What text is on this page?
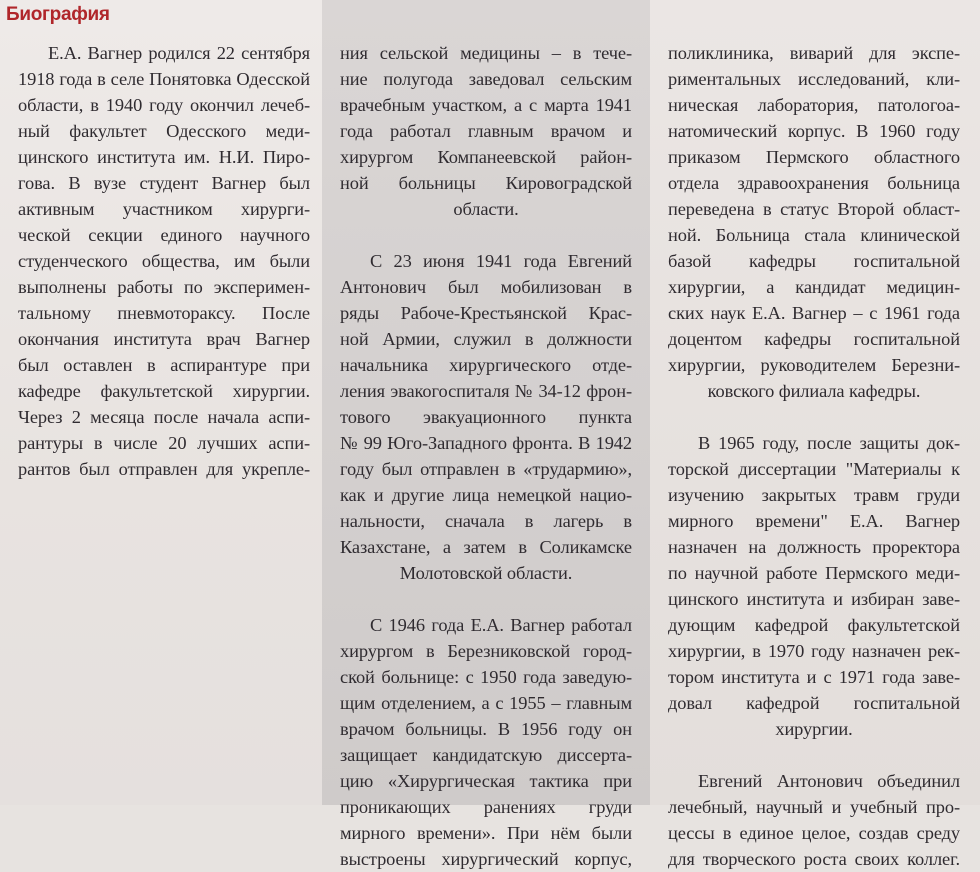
Биография
Е.А. Вагнер родился 22 сентября
1918 года в селе Понятовка Одесской
области, в 1940 году окончил лечеб-
ный факультет Одесского меди-
цинского института им. Н.И. Пиро-
гова. В вузе студент Вагнер был
активным участником хирурги-
ческой секции единого научного
студенческого общества, им были
выполнены работы по эксперимен-
тальному пневмотораксу. После
окончания института врач Вагнер
был оставлен в аспирантуре при
кафедре факультетской хирургии.
Через 2 месяца после начала аспи-
рантуры в числе 20 лучших аспи-
рантов был отправлен для укрепле-
ния сельской медицины – в тече-
ние полугода заведовал сельским
врачебным участком, а с марта 1941
года работал главным врачом и
хирургом Компанеевской район-
ной больницы Кировоградской
области.
С 23 июня 1941 года Евгений
Антонович был мобилизован в
ряды Рабоче-Крестьянской Крас-
ной Армии, служил в должности
начальника хирургического отде-
ления эвакогоспиталя № 34-12 фрон-
тового эвакуационного пункта
№ 99 Юго-Западного фронта. В 1942
году был отправлен в «трудармию»,
как и другие лица немецкой нацио-
нальности, сначала в лагерь в
Казахстане, а затем в Соликамске
Молотовской области.
С 1946 года Е.А. Вагнер работал
хирургом в Березниковской город-
ской больнице: с 1950 года заведую-
щим отделением, а с 1955 – главным
врачом больницы. В 1956 году он
защищает кандидатскую диссерта-
цию «Хирургическая тактика при
проникающих ранениях груди
мирного времени». При нём были
выстроены хирургический корпус,
поликлиника, виварий для экспе-
риментальных исследований, кли-
ническая лаборатория, патологоа-
натомический корпус. В 1960 году
приказом Пермского областного
отдела здравоохранения больница
переведена в статус Второй област-
ной. Больница стала клинической
базой кафедры госпитальной
хирургии, а кандидат медицин-
ских наук Е.А. Вагнер – с 1961 года
доцентом кафедры госпитальной
хирургии, руководителем Березни-
ковского филиала кафедры.
В 1965 году, после защиты док-
торской диссертации "Материалы к
изучению закрытых травм груди
мирного времени" Е.А. Вагнер
назначен на должность проректора
по научной работе Пермского меди-
цинского института и избиран заве-
дующим кафедрой факультетской
хирургии, в 1970 году назначен рек-
тором института и с 1971 года заве-
довал кафедрой госпитальной
хирургии.
Евгений Антонович объединил
лечебный, научный и учебный про-
цессы в единое целое, создав среду
для творческого роста своих коллег.
